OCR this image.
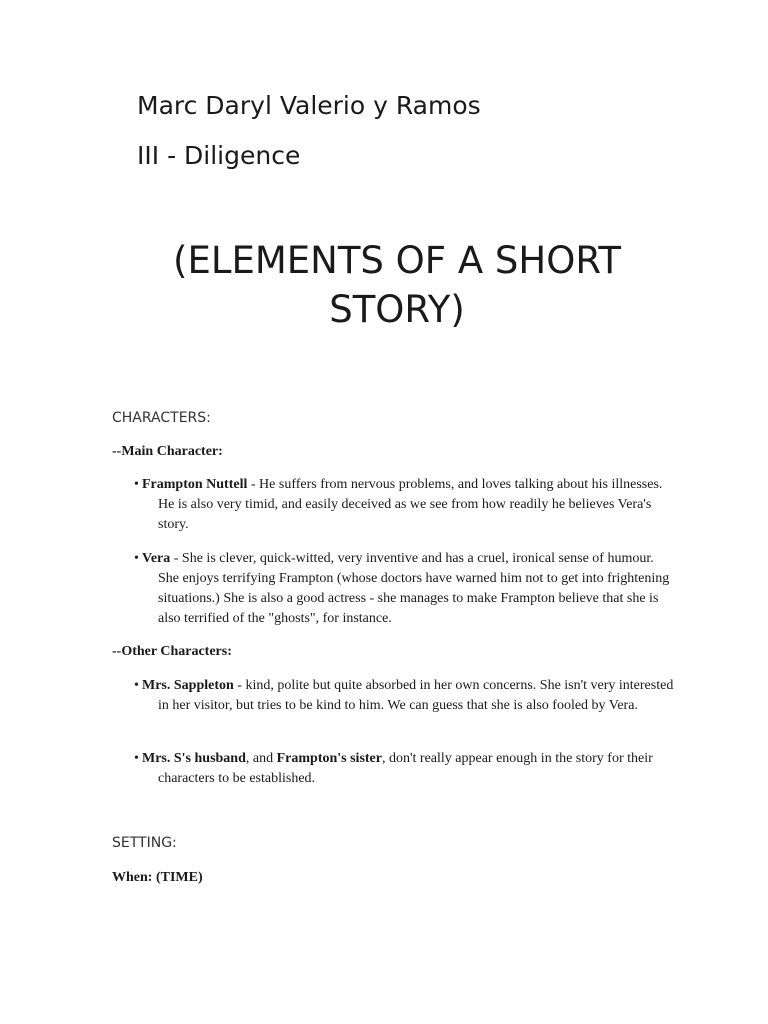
Marc Daryl Valerio y Ramos
III - Diligence
(ELEMENTS OF A SHORT STORY)
CHARACTERS:
--Main Character:
• Frampton Nuttell - He suffers from nervous problems, and loves talking about his illnesses. He is also very timid, and easily deceived as we see from how readily he believes Vera's story.
• Vera - She is clever, quick-witted, very inventive and has a cruel, ironical sense of humour. She enjoys terrifying Frampton (whose doctors have warned him not to get into frightening situations.) She is also a good actress - she manages to make Frampton believe that she is also terrified of the "ghosts", for instance.
--Other Characters:
• Mrs. Sappleton - kind, polite but quite absorbed in her own concerns. She isn't very interested in her visitor, but tries to be kind to him. We can guess that she is also fooled by Vera.
• Mrs. S's husband, and Frampton's sister, don't really appear enough in the story for their characters to be established.
SETTING:
When: (TIME)
